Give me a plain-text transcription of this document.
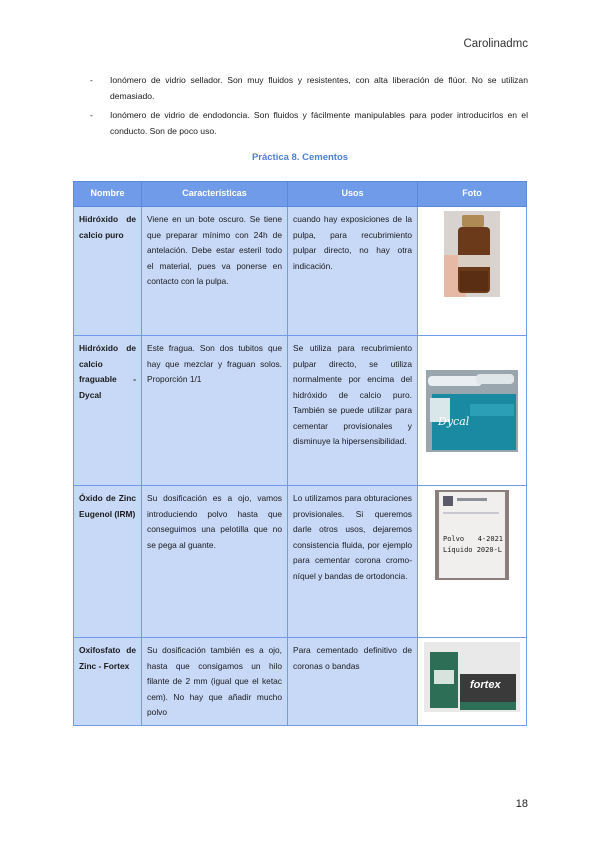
Carolinadmc
- Ionómero de vidrio sellador. Son muy fluidos y resistentes, con alta liberación de flúor. No se utilizan demasiado.
- Ionómero de vidrio de endodoncia. Son fluidos y fácilmente manipulables para poder introducirlos en el conducto. Son de poco uso.
Práctica 8. Cementos
Nombre	Características	Usos	Foto
Hidróxido de calcio puro	Viene en un bote oscuro. Se tiene que preparar mínimo con 24h de antelación. Debe estar esteril todo el material, pues va ponerse en contacto con la pulpa.	cuando hay exposiciones de la pulpa, para recubrimiento pulpar directo, no hay otra indicación.	

Hidróxido de calcio fraguable - Dycal	Este fragua. Son dos tubitos que hay que mezclar y fraguan solos. Proporción 1/1	Se utiliza para recubrimiento pulpar directo, se utiliza normalmente por encima del hidróxido de calcio puro. También se puede utilizar para cementar provisionales y disminuye la hipersensibilidad.	Dycal

Óxido de Zinc Eugenol (IRM)	Su dosificación es a ojo, vamos introduciendo polvo hasta que conseguimos una pelotilla que no se pega al guante.	Lo utilizamos para obturaciones provisionales. Si queremos darle otros usos, dejaremos consistencia fluida, por ejemplo para cementar corona cromo-níquel y bandas de ortodoncia.	Polvo 4-2021 Líquido 2020-L

Oxifosfato de Zinc - Fortex	Su dosificación también es a ojo, hasta que consigamos un hilo filante de 2 mm (igual que el ketac cem). No hay que añadir mucho polvo	Para cementado definitivo de coronas o bandas	fortex
18
